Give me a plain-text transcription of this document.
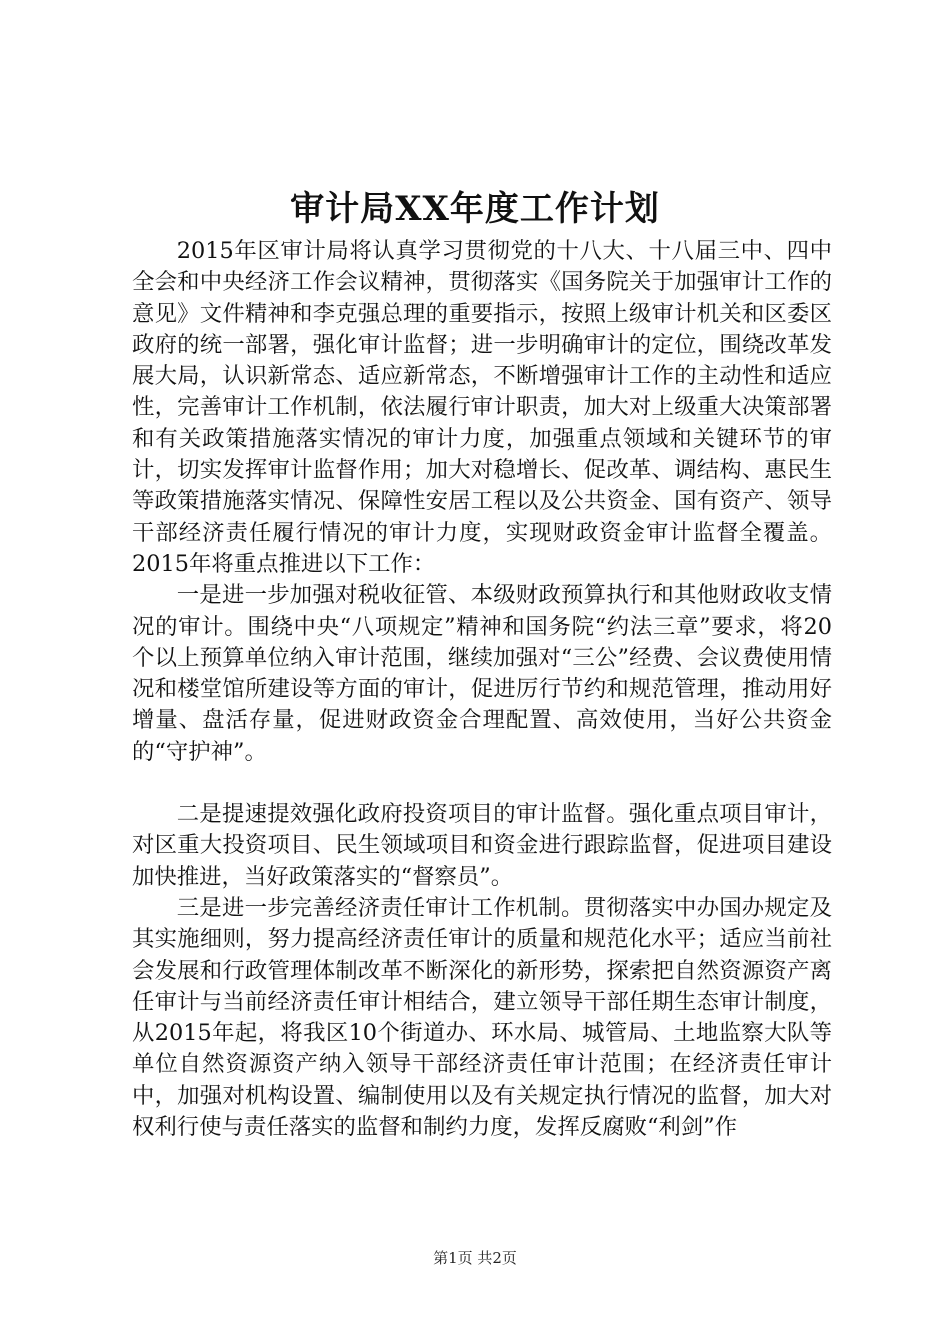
审计局XX年度工作计划

2015年区审计局将认真学习贯彻党的十八大、十八届三中、四中全会和中央经济工作会议精神，贯彻落实《国务院关于加强审计工作的意见》文件精神和李克强总理的重要指示，按照上级审计机关和区委区政府的统一部署，强化审计监督；进一步明确审计的定位，围绕改革发展大局，认识新常态、适应新常态，不断增强审计工作的主动性和适应性，完善审计工作机制，依法履行审计职责，加大对上级重大决策部署和有关政策措施落实情况的审计力度，加强重点领域和关键环节的审计，切实发挥审计监督作用；加大对稳增长、促改革、调结构、惠民生等政策措施落实情况、保障性安居工程以及公共资金、国有资产、领导干部经济责任履行情况的审计力度，实现财政资金审计监督全覆盖。2015年将重点推进以下工作：

一是进一步加强对税收征管、本级财政预算执行和其他财政收支情况的审计。围绕中央“八项规定”精神和国务院“约法三章”要求，将20个以上预算单位纳入审计范围，继续加强对“三公”经费、会议费使用情况和楼堂馆所建设等方面的审计，促进厉行节约和规范管理，推动用好增量、盘活存量，促进财政资金合理配置、高效使用，当好公共资金的“守护神”。

二是提速提效强化政府投资项目的审计监督。强化重点项目审计，对区重大投资项目、民生领域项目和资金进行跟踪监督，促进项目建设加快推进，当好政策落实的“督察员”。

三是进一步完善经济责任审计工作机制。贯彻落实中办国办规定及其实施细则，努力提高经济责任审计的质量和规范化水平；适应当前社会发展和行政管理体制改革不断深化的新形势，探索把自然资源资产离任审计与当前经济责任审计相结合，建立领导干部任期生态审计制度，从2015年起，将我区10个街道办、环水局、城管局、土地监察大队等单位自然资源资产纳入领导干部经济责任审计范围；在经济责任审计中，加强对机构设置、编制使用以及有关规定执行情况的监督，加大对权利行使与责任落实的监督和制约力度，发挥反腐败“利剑”作

第1页 共2页
